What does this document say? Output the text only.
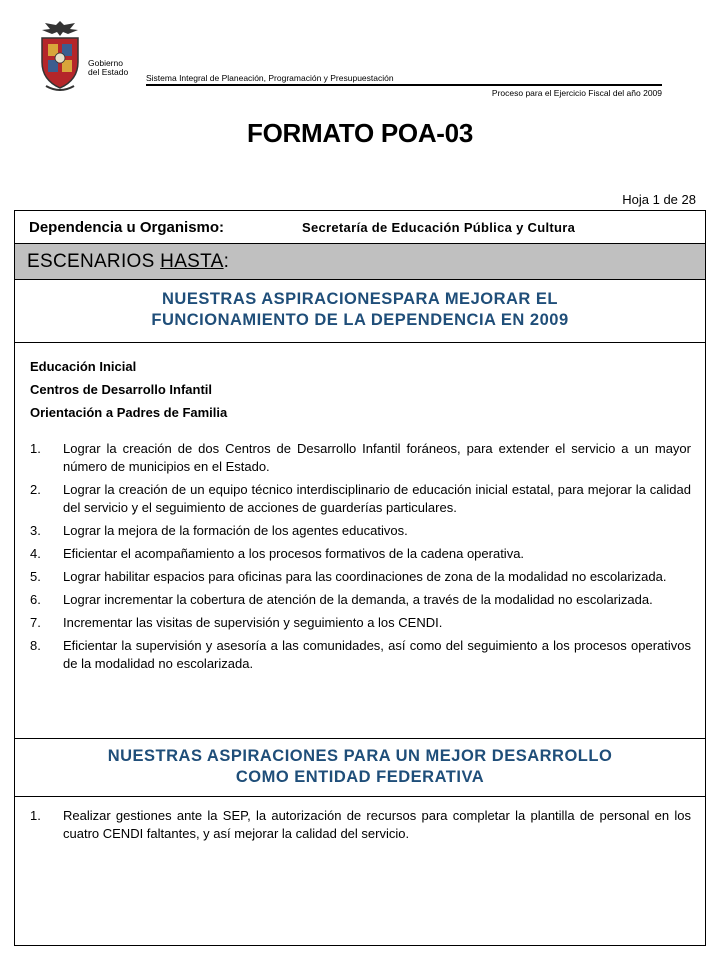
Gobierno
del Estado
Sistema Integral de Planeación, Programación y Presupuestación
Proceso para el Ejercicio Fiscal del año 2009
FORMATO POA-03
Hoja 1 de 28
Dependencia u Organismo:	Secretaría de Educación Pública y Cultura
ESCENARIOS HASTA:
NUESTRAS ASPIRACIONESPARA MEJORAR EL
FUNCIONAMIENTO DE LA DEPENDENCIA EN 2009
Educación Inicial
Centros de Desarrollo Infantil
Orientación a Padres de Familia
1.	Lograr la creación de dos Centros de Desarrollo Infantil foráneos, para extender el servicio a un mayor número de municipios en el Estado.
2.	Lograr la creación de un equipo técnico interdisciplinario de educación inicial estatal, para mejorar la calidad del servicio y el seguimiento de acciones de guarderías particulares.
3.	Lograr la mejora de la formación de los agentes educativos.
4.	Eficientar el acompañamiento a los procesos formativos de la cadena operativa.
5.	Lograr habilitar espacios para oficinas para las coordinaciones de zona de la modalidad no escolarizada.
6.	Lograr incrementar la cobertura de atención de la demanda, a través de la modalidad no escolarizada.
7.	Incrementar las visitas de supervisión y seguimiento a los CENDI.
8.	Eficientar la supervisión y asesoría a las comunidades, así como del seguimiento a los procesos operativos de la modalidad no escolarizada.
NUESTRAS ASPIRACIONES PARA UN MEJOR DESARROLLO
COMO ENTIDAD FEDERATIVA
1.	Realizar gestiones ante la SEP, la autorización de recursos para completar la plantilla de personal en los cuatro CENDI faltantes, y así mejorar la calidad del servicio.
